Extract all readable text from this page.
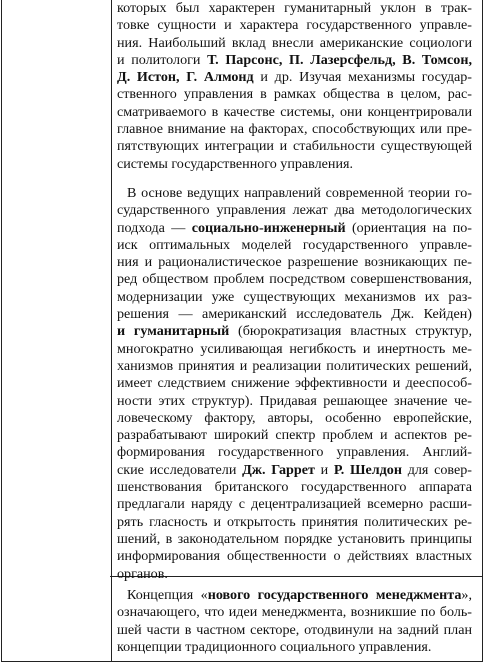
которых был характерен гуманитарный уклон в трак-
товке сущности и характера государственного управле-
ния. Наибольший вклад внесли американские социологи
и политологи Т. Парсонс, П. Лазерсфельд, В. Томсон,
Д. Истон, Г. Алмонд и др. Изучая механизмы государ-
ственного управления в рамках общества в целом, рас-
сматриваемого в качестве системы, они концентрировали
главное внимание на факторах, способствующих или пре-
пятствующих интеграции и стабильности существующей
системы государственного управления.

В основе ведущих направлений современной теории го-
сударственного управления лежат два методологических
подхода — социально-инженерный (ориентация на по-
иск оптимальных моделей государственного управле-
ния и рационалистическое разрешение возникающих пе-
ред обществом проблем посредством совершенствования,
модернизации уже существующих механизмов их раз-
решения — американский исследователь Дж. Кейден)
и гуманитарный (бюрократизация властных структур,
многократно усиливающая негибкость и инертность ме-
ханизмов принятия и реализации политических решений,
имеет следствием снижение эффективности и дееспособ-
ности этих структур). Придавая решающее значение че-
ловеческому фактору, авторы, особенно европейские,
разрабатывают широкий спектр проблем и аспектов ре-
формирования государственного управления. Англий-
ские исследователи Дж. Гаррет и Р. Шелдон для совер-
шенствования британского государственного аппарата
предлагали наряду с децентрализацией всемерно расши-
рять гласность и открытость принятия политических ре-
шений, в законодательном порядке установить принципы
информирования общественности о действиях властных
органов.

Концепция «нового государственного менеджмента»,
означающего, что идеи менеджмента, возникшие по боль-
шей части в частном секторе, отодвинули на задний план
концепции традиционного социального управления.
